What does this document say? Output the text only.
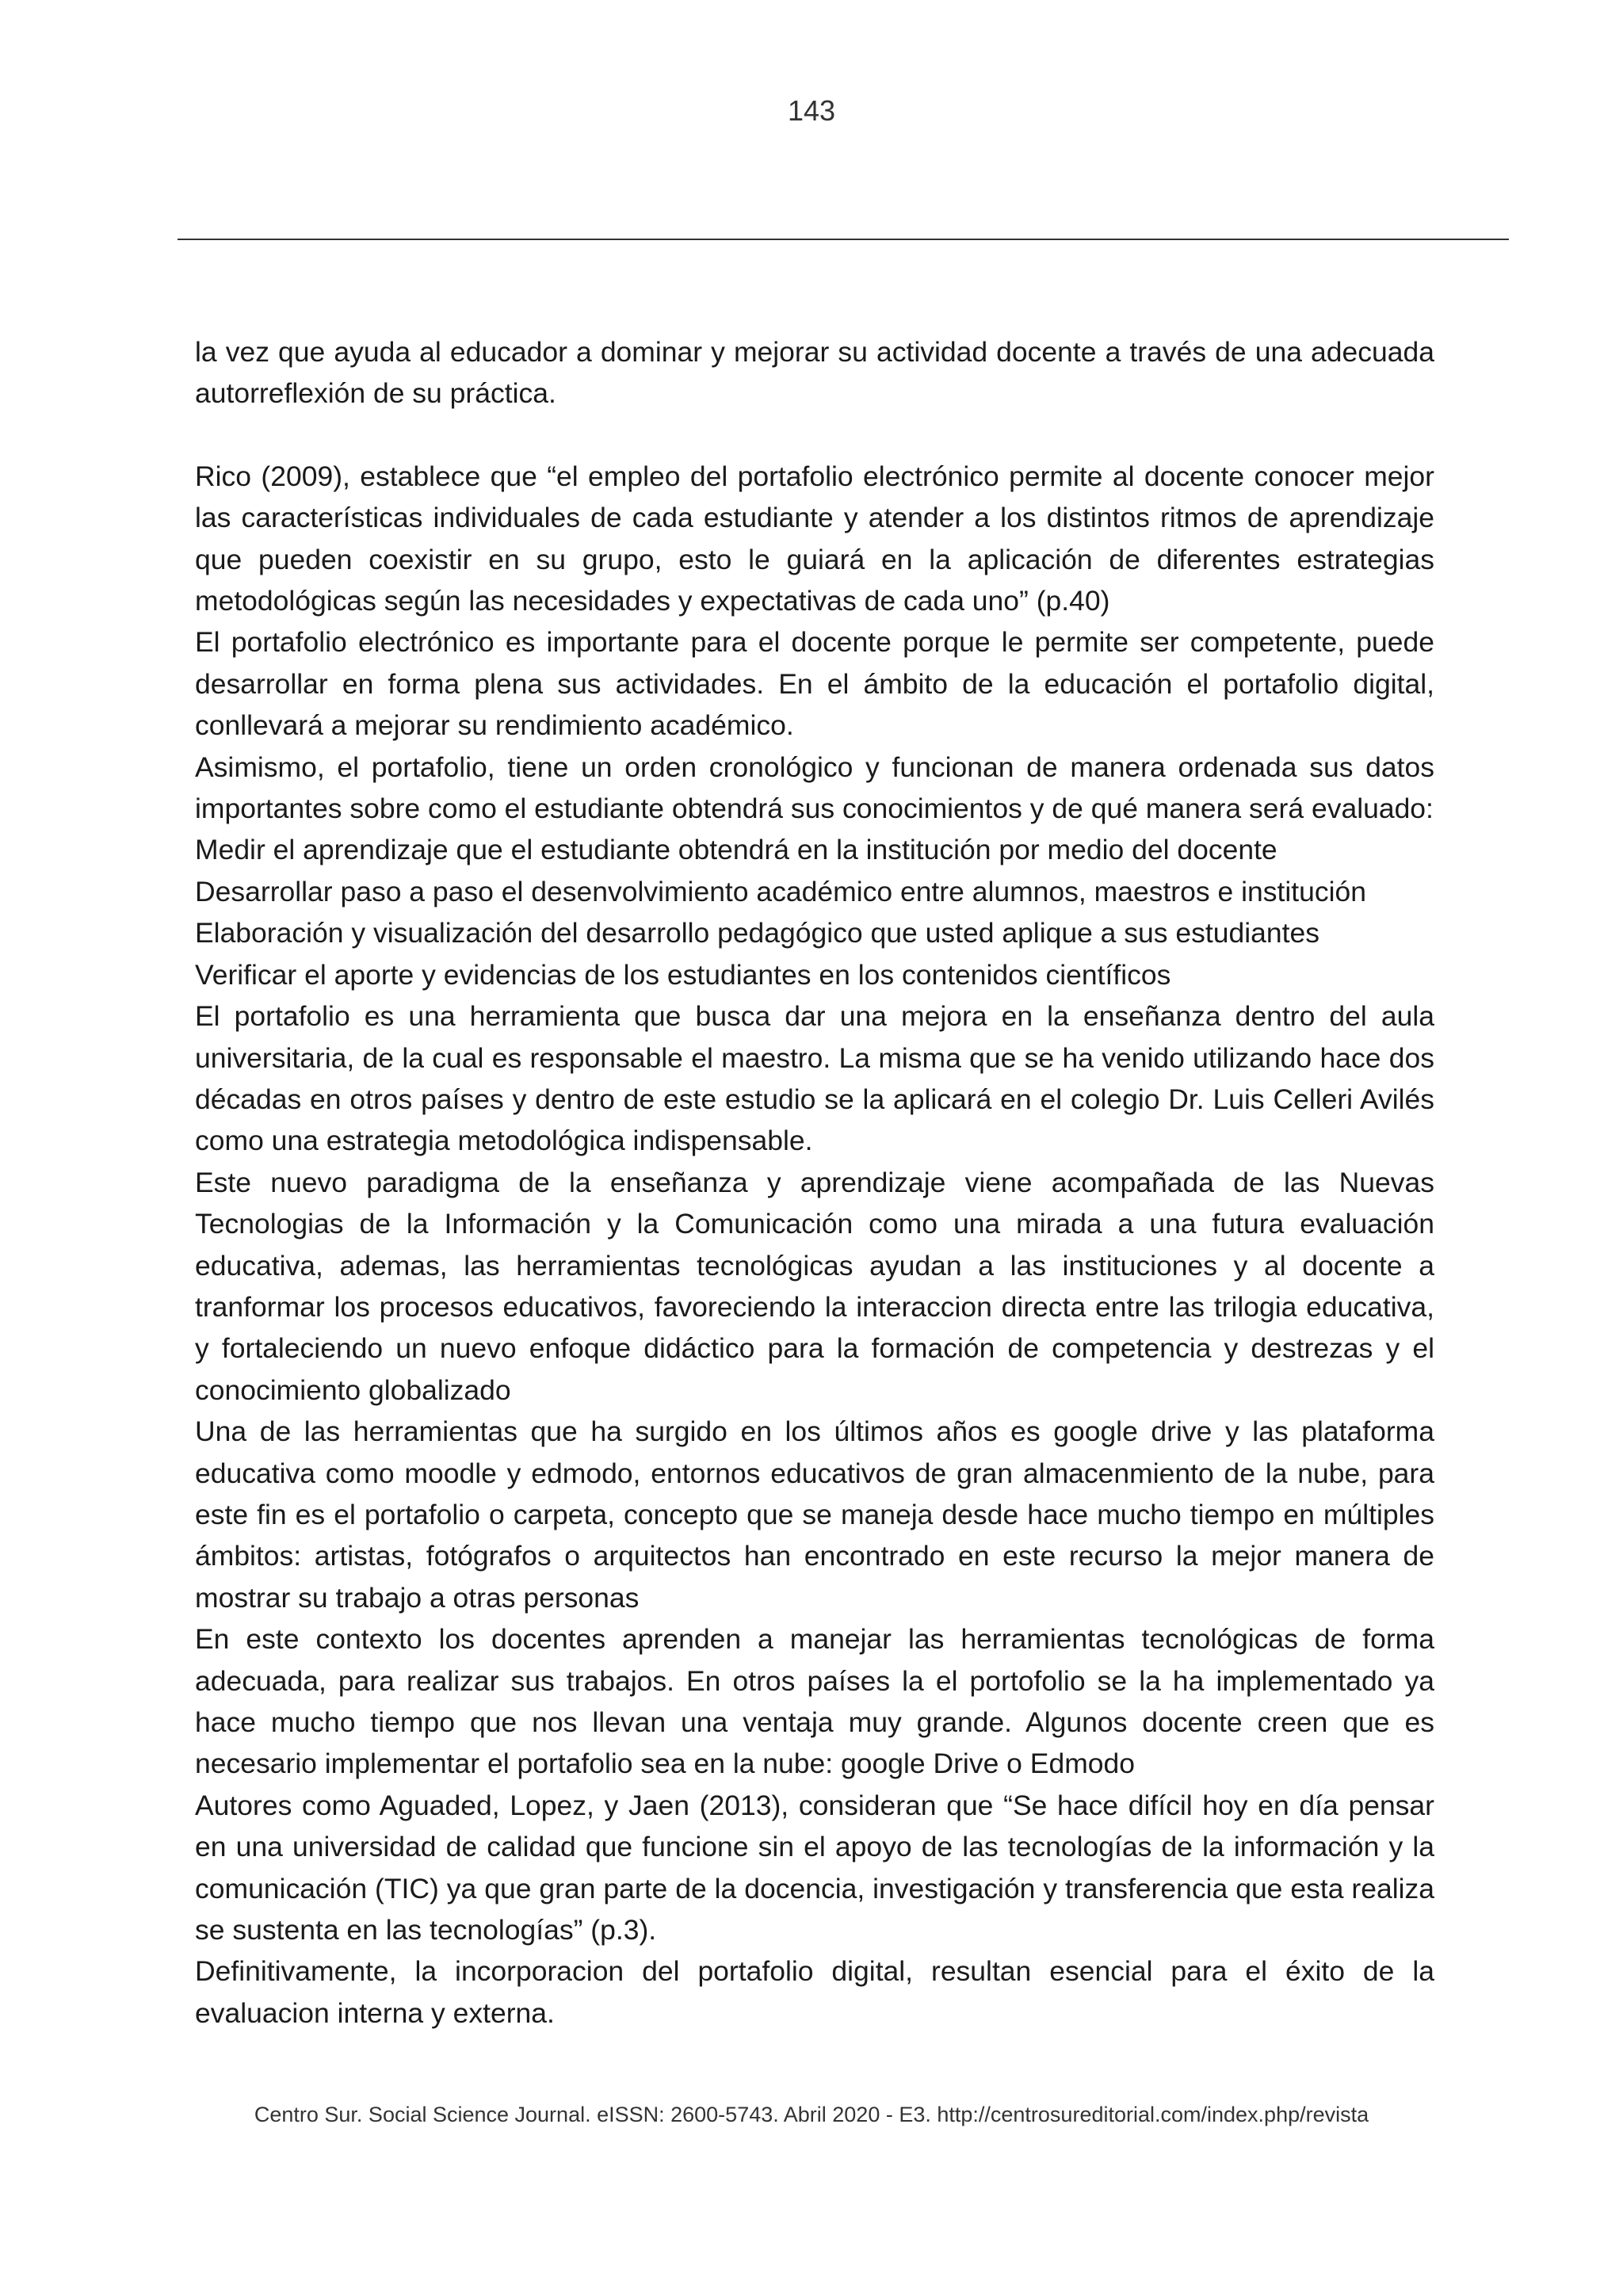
143

la vez que ayuda al educador a dominar y mejorar su actividad docente a través de una adecuada autorreflexión de su práctica.

Rico (2009), establece que “el empleo del portafolio electrónico permite al docente conocer mejor las características individuales de cada estudiante y atender a los distintos ritmos de aprendizaje que pueden coexistir en su grupo, esto le guiará en la aplicación de diferentes estrategias metodológicas según las necesidades y expectativas de cada uno” (p.40)

El portafolio electrónico es importante para el docente porque le permite ser competente, puede desarrollar en forma plena sus actividades. En el ámbito de la educación el portafolio digital, conllevará a mejorar su rendimiento académico.

Asimismo, el portafolio, tiene un orden cronológico y funcionan de manera ordenada sus datos importantes sobre como el estudiante obtendrá sus conocimientos y de qué manera será evaluado:

Medir el aprendizaje que el estudiante obtendrá en la institución por medio del docente

Desarrollar paso a paso el desenvolvimiento académico entre alumnos, maestros e institución

Elaboración y visualización del desarrollo pedagógico que usted aplique a sus estudiantes

Verificar el aporte y evidencias de los estudiantes en los contenidos científicos

El portafolio es una herramienta que busca dar una mejora en la enseñanza dentro del aula universitaria, de la cual es responsable el maestro. La misma que se ha venido utilizando hace dos décadas en otros países y dentro de este estudio se la aplicará en el colegio Dr. Luis Celleri Avilés como una estrategia metodológica indispensable.

Este nuevo paradigma de la enseñanza y aprendizaje viene acompañada de las Nuevas Tecnologias de la Información y la Comunicación como una mirada a una futura evaluación educativa, ademas, las herramientas tecnológicas ayudan a las instituciones y al docente a tranformar los procesos educativos, favoreciendo la interaccion directa entre las trilogia educativa, y fortaleciendo un nuevo enfoque didáctico para la formación de competencia y destrezas y el conocimiento globalizado

Una de las herramientas que ha surgido en los últimos años es google drive y las plataforma educativa como moodle y edmodo, entornos educativos de gran almacenmiento de la nube, para este fin es el portafolio o carpeta, concepto que se maneja desde hace mucho tiempo en múltiples ámbitos: artistas, fotógrafos o arquitectos han encontrado en este recurso la mejor manera de mostrar su trabajo a otras personas

En este contexto los docentes aprenden a manejar las herramientas tecnológicas de forma adecuada, para realizar sus trabajos. En otros países la el portofolio se la ha implementado ya hace mucho tiempo que nos llevan una ventaja muy grande. Algunos docente creen que es necesario implementar el portafolio sea en la nube: google Drive o Edmodo

Autores como Aguaded, Lopez, y Jaen (2013), consideran que “Se hace difícil hoy en día pensar en una universidad de calidad que funcione sin el apoyo de las tecnologías de la información y la comunicación (TIC) ya que gran parte de la docencia, investigación y transferencia que esta realiza se sustenta en las tecnologías” (p.3).

Definitivamente, la incorporacion del portafolio digital, resultan esencial para el éxito de la evaluacion interna y externa.

Centro Sur. Social Science Journal. eISSN: 2600-5743. Abril 2020 - E3. http://centrosureditorial.com/index.php/revista
